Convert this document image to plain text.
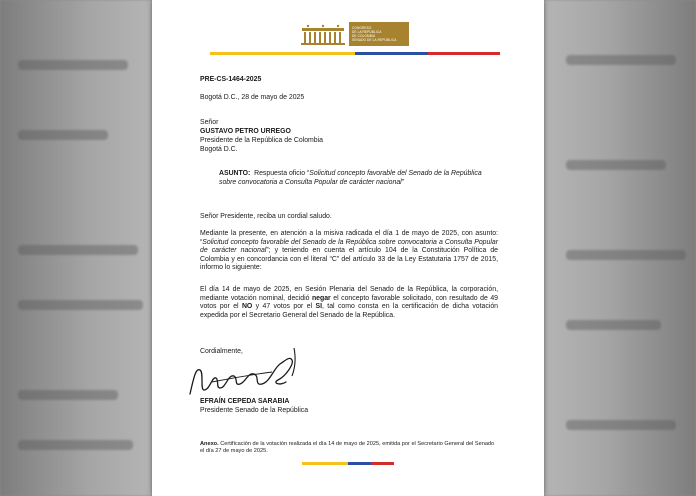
CONGRESO
DE LA REPÚBLICA
DE COLOMBIA
SENADO DE LA REPÚBLICA
PRE-CS-1464-2025
Bogotá D.C., 28 de mayo de 2025
Señor
GUSTAVO PETRO URREGO
Presidente de la República de Colombia
Bogotá D.C.
ASUNTO: Respuesta oficio “Solicitud concepto favorable del Senado de la República sobre convocatoria a Consulta Popular de carácter nacional”
Señor Presidente, reciba un cordial saludo.
Mediante la presente, en atención a la misiva radicada el día 1 de mayo de 2025, con asunto: “Solicitud concepto favorable del Senado de la República sobre convocatoria a Consulta Popular de carácter nacional”; y teniendo en cuenta el artículo 104 de la Constitución Política de Colombia y en concordancia con el literal “C” del artículo 33 de la Ley Estatutaria 1757 de 2015, informo lo siguiente:
El día 14 de mayo de 2025, en Sesión Plenaria del Senado de la República, la corporación, mediante votación nominal, decidió negar el concepto favorable solicitado, con resultado de 49 votos por el NO y 47 votos por el SI, tal como consta en la certificación de dicha votación expedida por el Secretario General del Senado de la República.
Cordialmente,
EFRAÍN CEPEDA SARABIA
Presidente Senado de la República
Anexo. Certificación de la votación realizada el día 14 de mayo de 2025, emitida por el Secretario General del Senado el día 27 de mayo de 2025.
